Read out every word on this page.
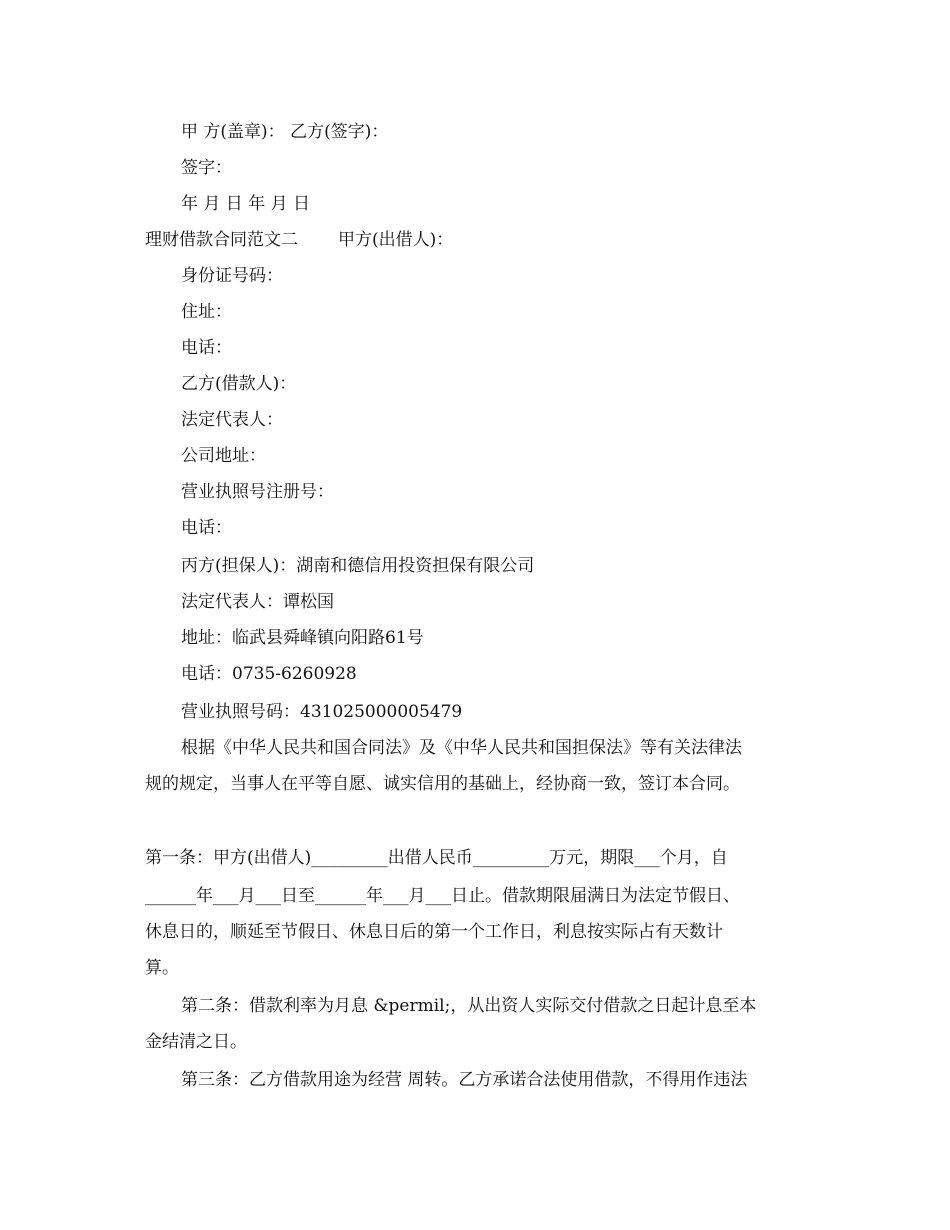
甲 方(盖章)： 乙方(签字)：
签字：
年 月 日 年 月 日
理财借款合同范文二 甲方(出借人)：
身份证号码：
住址：
电话：
乙方(借款人)：
法定代表人：
公司地址：
营业执照号注册号：
电话：
丙方(担保人)：湖南和德信用投资担保有限公司
法定代表人：谭松国
地址：临武县舜峰镇向阳路61号
电话：0735-6260928
营业执照号码：431025000005479
根据《中华人民共和国合同法》及《中华人民共和国担保法》等有关法律法
规的规定，当事人在平等自愿、诚实信用的基础上，经协商一致，签订本合同。
第一条：甲方(出借人)_________出借人民币_________万元，期限___个月，自
______年___月___日至______年___月___日止。借款期限届满日为法定节假日、
休息日的，顺延至节假日、休息日后的第一个工作日，利息按实际占有天数计
算。
第二条：借款利率为月息 &permil;，从出资人实际交付借款之日起计息至本
金结清之日。
第三条：乙方借款用途为经营 周转。乙方承诺合法使用借款，不得用作违法
